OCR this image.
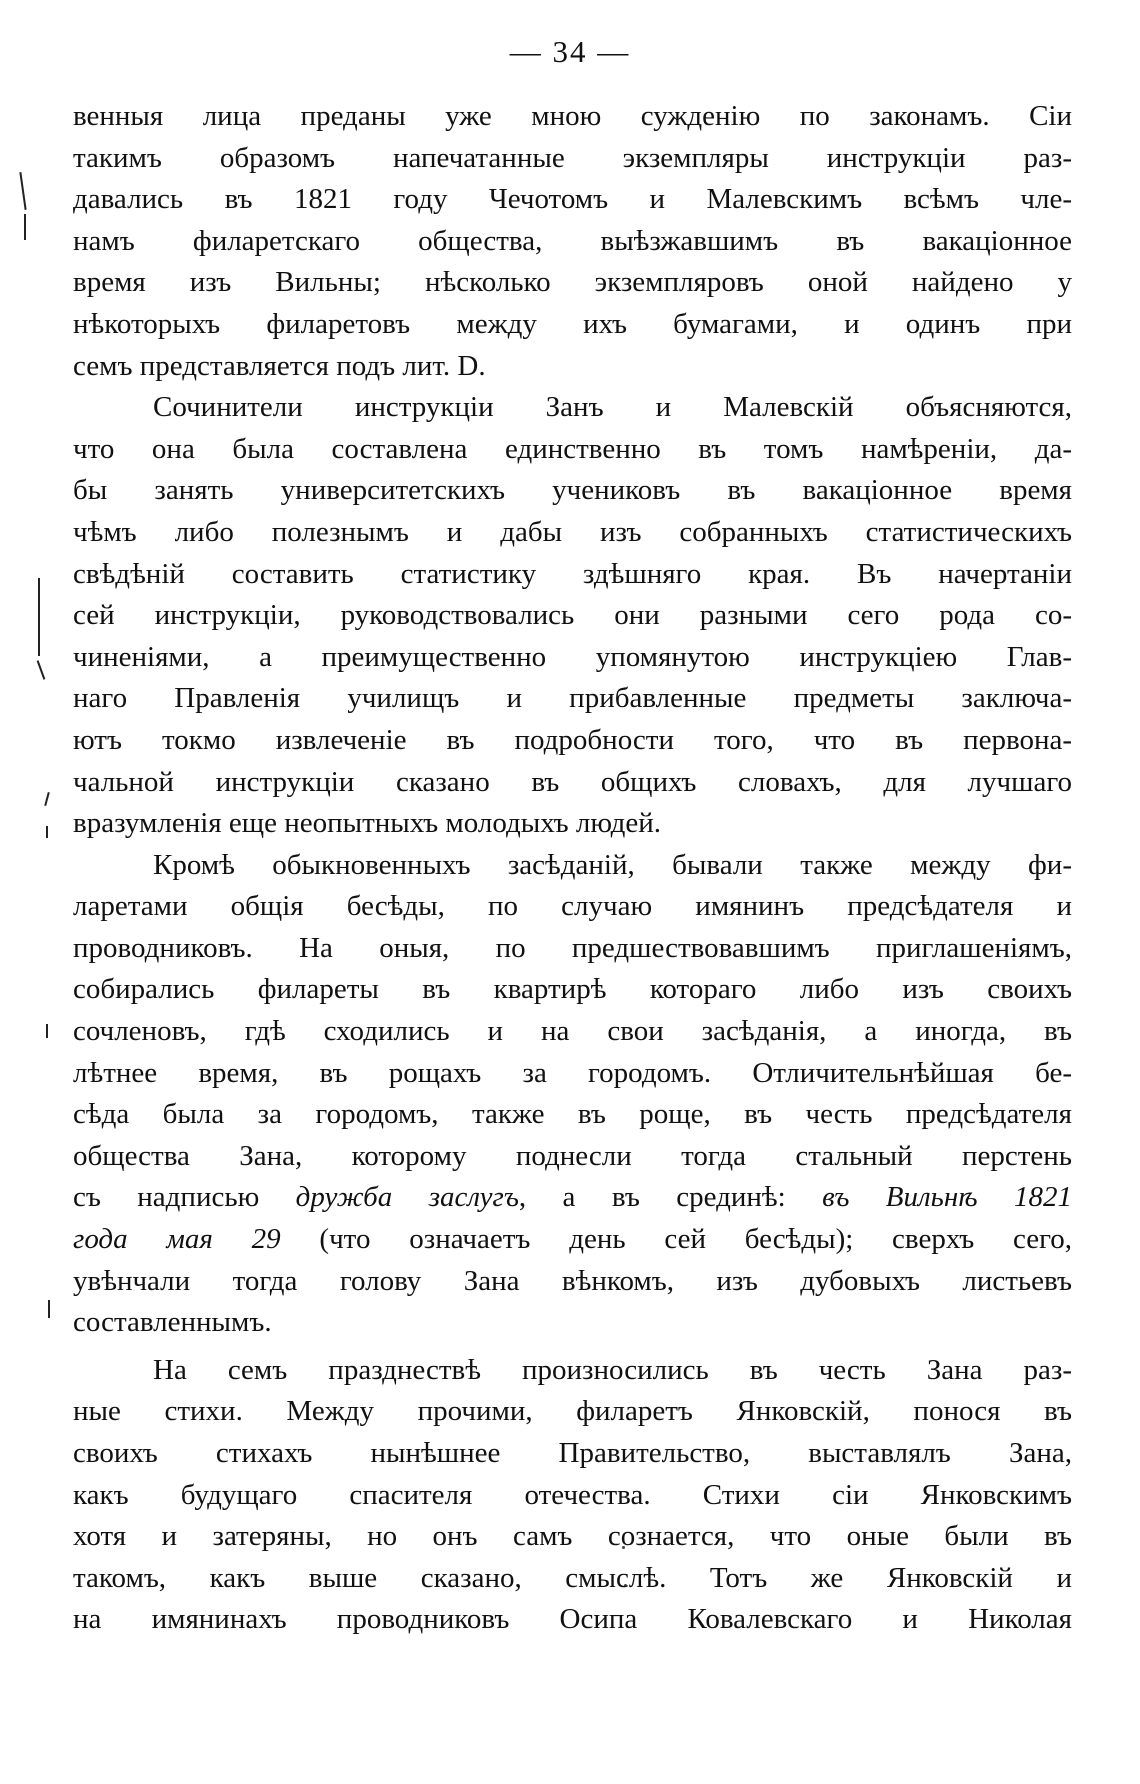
— 34 —
венныя лица преданы уже мною сужденію по законамъ. Сіи
такимъ образомъ напечатанные экземпляры инструкціи раз-
давались въ 1821 году Чечотомъ и Малевскимъ всѣмъ чле-
намъ филаретскаго общества, выѣзжавшимъ въ вакаціонное
время изъ Вильны; нѣсколько экземпляровъ оной найдено у
нѣкоторыхъ филаретовъ между ихъ бумагами, и одинъ при
семъ представляется подъ лит. D.
Сочинители инструкціи Занъ и Малевскій объясняются,
что она была составлена единственно въ томъ намѣреніи, да-
бы занять университетскихъ учениковъ въ вакаціонное время
чѣмъ либо полезнымъ и дабы изъ собранныхъ статистическихъ
свѣдѣній составить статистику здѣшняго края. Въ начертаніи
сей инструкціи, руководствовались они разными сего рода со-
чиненіями, а преимущественно упомянутою инструкціею Глав-
наго Правленія училищъ и прибавленные предметы заключа-
ютъ токмо извлеченіе въ подробности того, что въ первона-
чальной инструкціи сказано въ общихъ словахъ, для лучшаго
вразумленія еще неопытныхъ молодыхъ людей.
Кромѣ обыкновенныхъ засѣданій, бывали также между фи-
ларетами общія бесѣды, по случаю имянинъ предсѣдателя и
проводниковъ. На оныя, по предшествовавшимъ приглашеніямъ,
собирались филареты въ квартирѣ котораго либо изъ своихъ
сочленовъ, гдѣ сходились и на свои засѣданія, а иногда, въ
лѣтнее время, въ рощахъ за городомъ. Отличительнѣйшая бе-
сѣда была за городомъ, также въ роще, въ честь предсѣдателя
общества Зана, которому поднесли тогда стальный перстень
съ надписью дружба заслугъ, а въ срединѣ: въ Вильнѣ 1821
года мая 29 (что означаетъ день сей бесѣды); сверхъ сего,
увѣнчали тогда голову Зана вѣнкомъ, изъ дубовыхъ листьевъ
составленнымъ.
На семъ празднествѣ произносились въ честь Зана раз-
ные стихи. Между прочими, филаретъ Янковскій, понося въ
своихъ стихахъ нынѣшнее Правительство, выставлялъ Зана,
какъ будущаго спасителя отечества. Стихи сіи Янковскимъ
хотя и затеряны, но онъ самъ сознается, что оные были въ
такомъ, какъ выше сказано, смыслѣ. Тотъ же Янковскій и
на имянинахъ проводниковъ Осипа Ковалевскаго и Николая
